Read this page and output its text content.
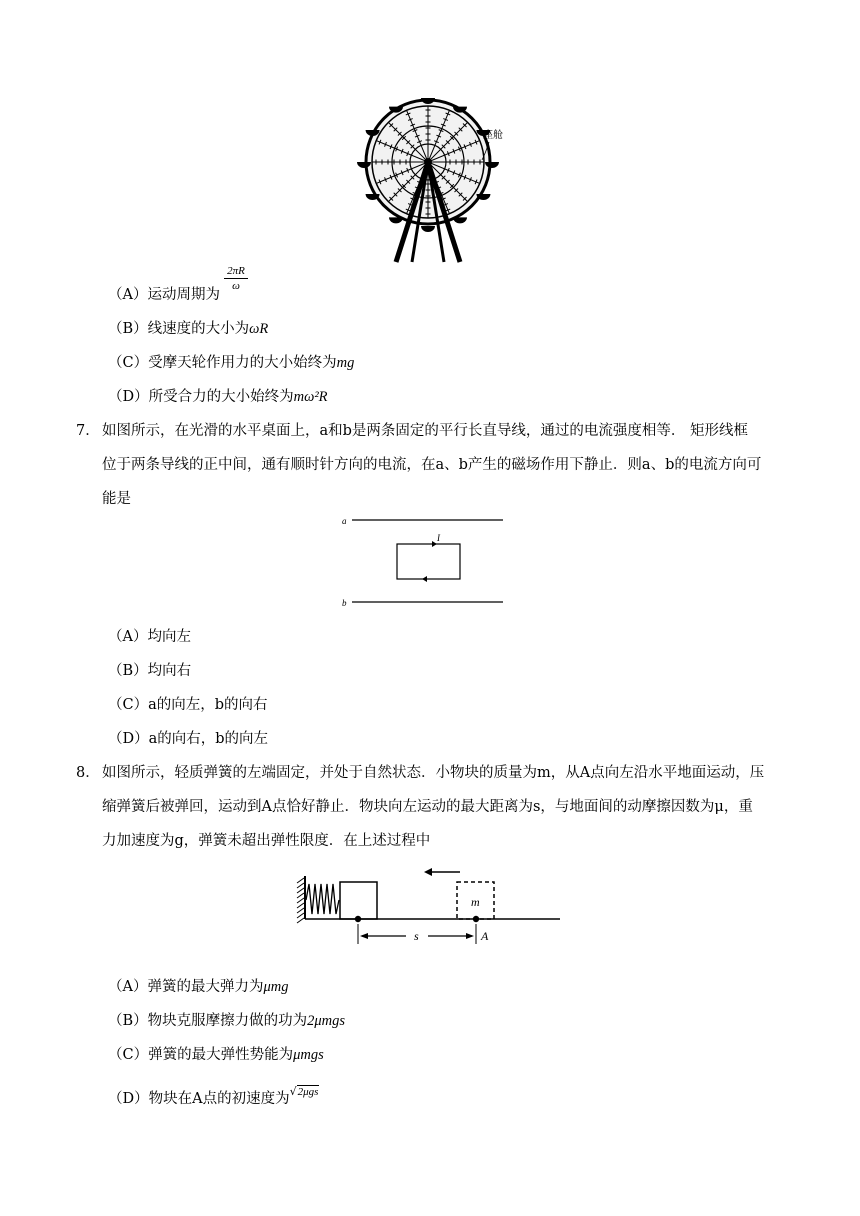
座舱
（A）运动周期为
$\frac{2\pi R}{\omega}$
（B）线速度的大小为ωR
（C）受摩天轮作用力的大小始终为mg
（D）所受合力的大小始终为mω²R
7． 如图所示，在光滑的水平桌面上，a和b是两条固定的平行长直导线，通过的电流强度相等． 矩形线框
位于两条导线的正中间，通有顺时针方向的电流，在a、b产生的磁场作用下静止．则a、b的电流方向可
能是
a
I
b
（A）均向左
（B）均向右
（C）a的向左，b的向右
（D）a的向右，b的向左
8． 如图所示，轻质弹簧的左端固定，并处于自然状态．小物块的质量为m，从A点向左沿水平地面运动，压
缩弹簧后被弹回，运动到A点恰好静止．物块向左运动的最大距离为s，与地面间的动摩擦因数为μ，重
力加速度为g，弹簧未超出弹性限度．在上述过程中
m
s	A
（A）弹簧的最大弹力为μmg
（B）物块克服摩擦力做的功为2μmgs
（C）弹簧的最大弹性势能为μmgs
（D）物块在A点的初速度为√2μgs
